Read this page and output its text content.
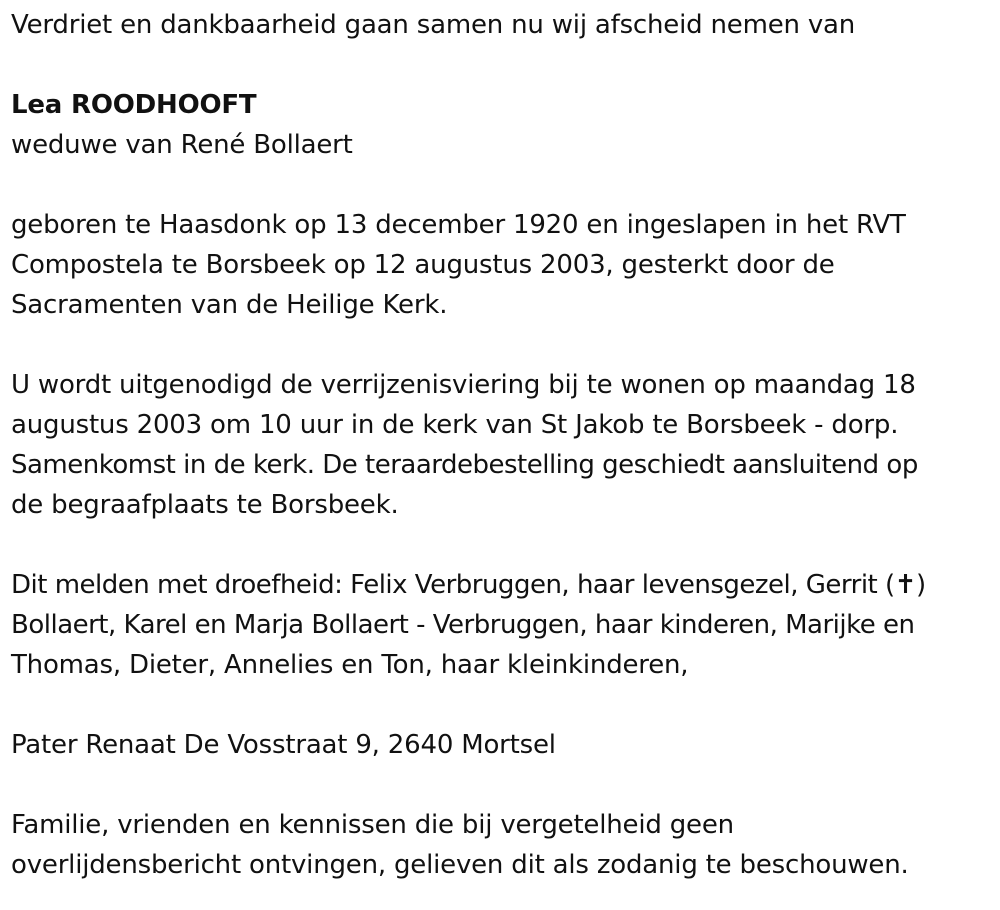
Verdriet en dankbaarheid gaan samen nu wij afscheid nemen van
Lea ROODHOOFT
weduwe van René Bollaert
geboren te Haasdonk op 13 december 1920 en ingeslapen in het RVT
Compostela te Borsbeek op 12 augustus 2003, gesterkt door de
Sacramenten van de Heilige Kerk.
U wordt uitgenodigd de verrijzenisviering bij te wonen op maandag 18
augustus 2003 om 10 uur in de kerk van St Jakob te Borsbeek - dorp.
Samenkomst in de kerk. De teraardebestelling geschiedt aansluitend op
de begraafplaats te Borsbeek.
Dit melden met droefheid: Felix Verbruggen, haar levensgezel, Gerrit (✝)
Bollaert, Karel en Marja Bollaert - Verbruggen, haar kinderen, Marijke en
Thomas, Dieter, Annelies en Ton, haar kleinkinderen,
Pater Renaat De Vosstraat 9, 2640 Mortsel
Familie, vrienden en kennissen die bij vergetelheid geen
overlijdensbericht ontvingen, gelieven dit als zodanig te beschouwen.
